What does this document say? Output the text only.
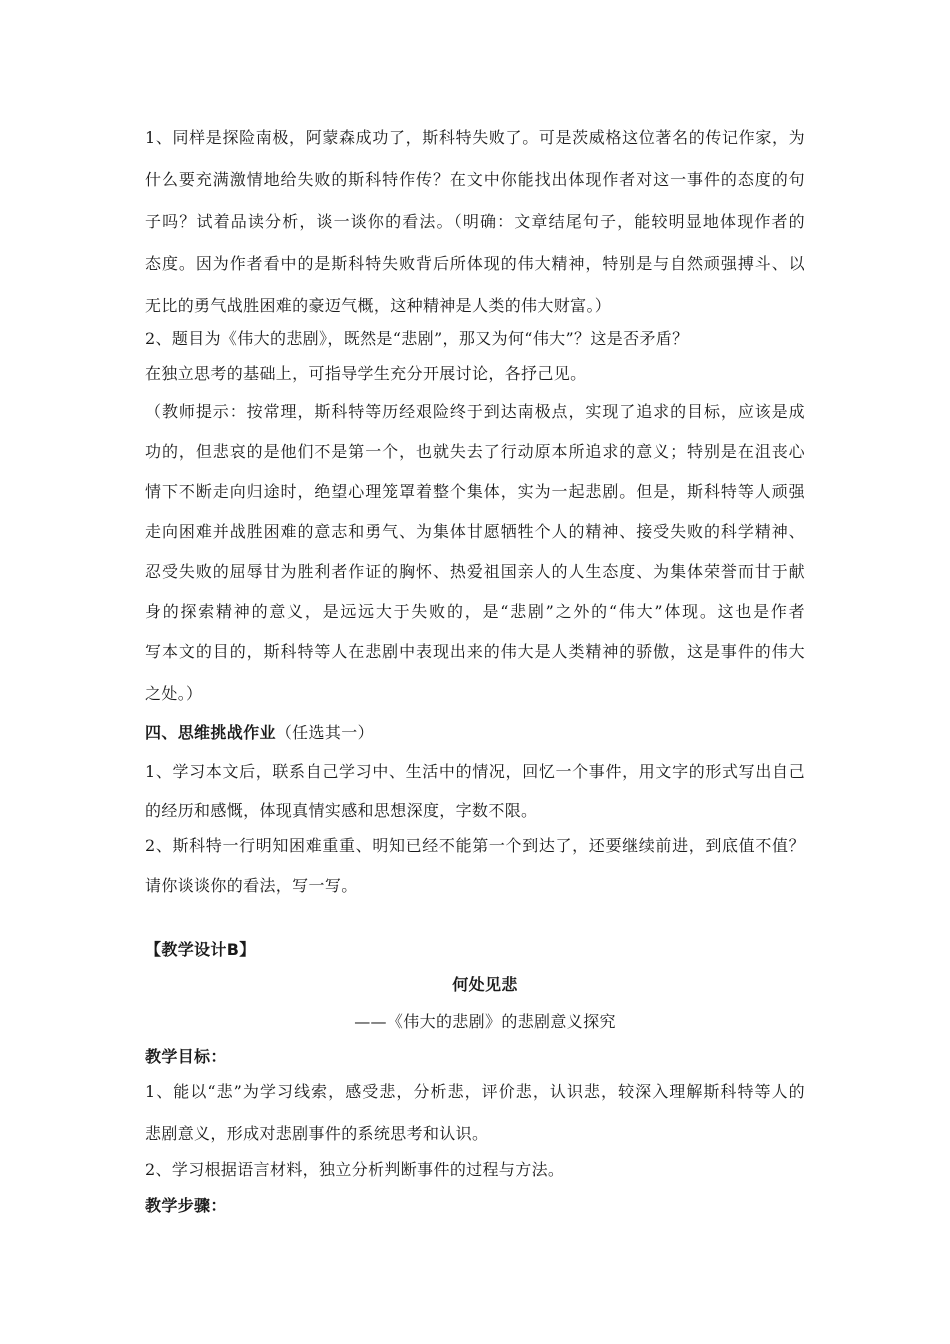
1、同样是探险南极，阿蒙森成功了，斯科特失败了。可是茨威格这位著名的传记作家，为
什么要充满激情地给失败的斯科特作传？在文中你能找出体现作者对这一事件的态度的句
子吗？试着品读分析，谈一谈你的看法。（明确：文章结尾句子，能较明显地体现作者的
态度。因为作者看中的是斯科特失败背后所体现的伟大精神，特别是与自然顽强搏斗、以
无比的勇气战胜困难的豪迈气概，这种精神是人类的伟大财富。）
2、题目为《伟大的悲剧》，既然是“悲剧”，那又为何“伟大”？这是否矛盾？
在独立思考的基础上，可指导学生充分开展讨论，各抒己见。
（教师提示：按常理，斯科特等历经艰险终于到达南极点，实现了追求的目标，应该是成
功的，但悲哀的是他们不是第一个，也就失去了行动原本所追求的意义；特别是在沮丧心
情下不断走向归途时，绝望心理笼罩着整个集体，实为一起悲剧。但是，斯科特等人顽强
走向困难并战胜困难的意志和勇气、为集体甘愿牺牲个人的精神、接受失败的科学精神、
忍受失败的屈辱甘为胜利者作证的胸怀、热爱祖国亲人的人生态度、为集体荣誉而甘于献
身的探索精神的意义，是远远大于失败的，是“悲剧”之外的“伟大”体现。这也是作者
写本文的目的，斯科特等人在悲剧中表现出来的伟大是人类精神的骄傲，这是事件的伟大
之处。）
四、思维挑战作业（任选其一）
1、学习本文后，联系自己学习中、生活中的情况，回忆一个事件，用文字的形式写出自己
的经历和感慨，体现真情实感和思想深度，字数不限。
2、斯科特一行明知困难重重、明知已经不能第一个到达了，还要继续前进，到底值不值？
请你谈谈你的看法，写一写。
【教学设计B】
何处见悲
——《伟大的悲剧》的悲剧意义探究
教学目标：
1、能以“悲”为学习线索，感受悲，分析悲，评价悲，认识悲，较深入理解斯科特等人的
悲剧意义，形成对悲剧事件的系统思考和认识。
2、学习根据语言材料，独立分析判断事件的过程与方法。
教学步骤：
